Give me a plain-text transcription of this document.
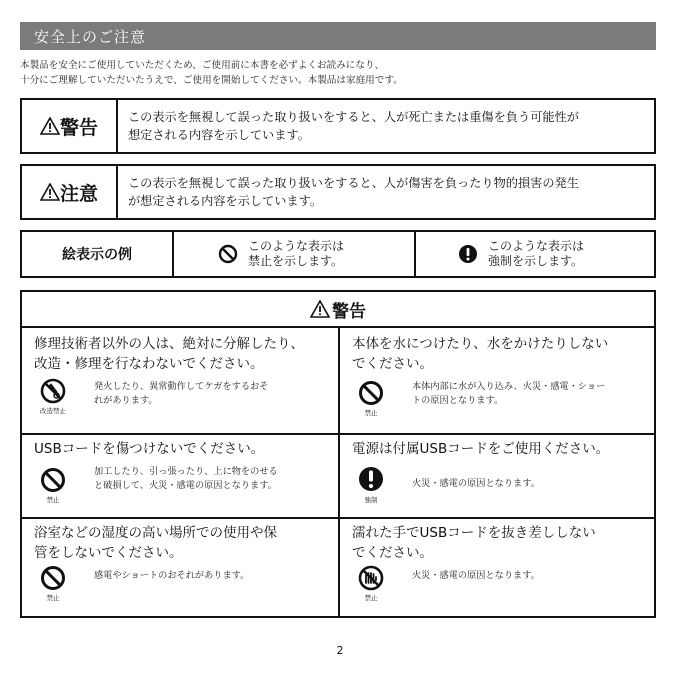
安全上のご注意
本製品を安全にご使用していただくため、ご使用前に本書を必ずよくお読みになり、
十分にご理解していただいたうえで、ご使用を開始してください。本製品は家庭用です。
警告 この表示を無視して誤った取り扱いをすると、人が死亡または重傷を負う可能性が
想定される内容を示しています。
注意 この表示を無視して誤った取り扱いをすると、人が傷害を負ったり物的損害の発生
が想定される内容を示しています。
絵表示の例
このような表示は
禁止を示します。
このような表示は
強制を示します。
警告
修理技術者以外の人は、絶対に分解したり、
改造・修理を行なわないでください。
改造禁止
発火したり、異常動作してケガをするおそ
れがあります。
本体を水につけたり、水をかけたりしない
でください。
禁止
本体内部に水が入り込み、火災・感電・ショー
トの原因となります。
USBコードを傷つけないでください。
禁止
加工したり、引っ張ったり、上に物をのせる
と破損して、火災・感電の原因となります。
電源は付属USBコードをご使用ください。
強制
火災・感電の原因となります。
浴室などの湿度の高い場所での使用や保
管をしないでください。
禁止
感電やショートのおそれがあります。
濡れた手でUSBコードを抜き差ししない
でください。
禁止
火災・感電の原因となります。
2
